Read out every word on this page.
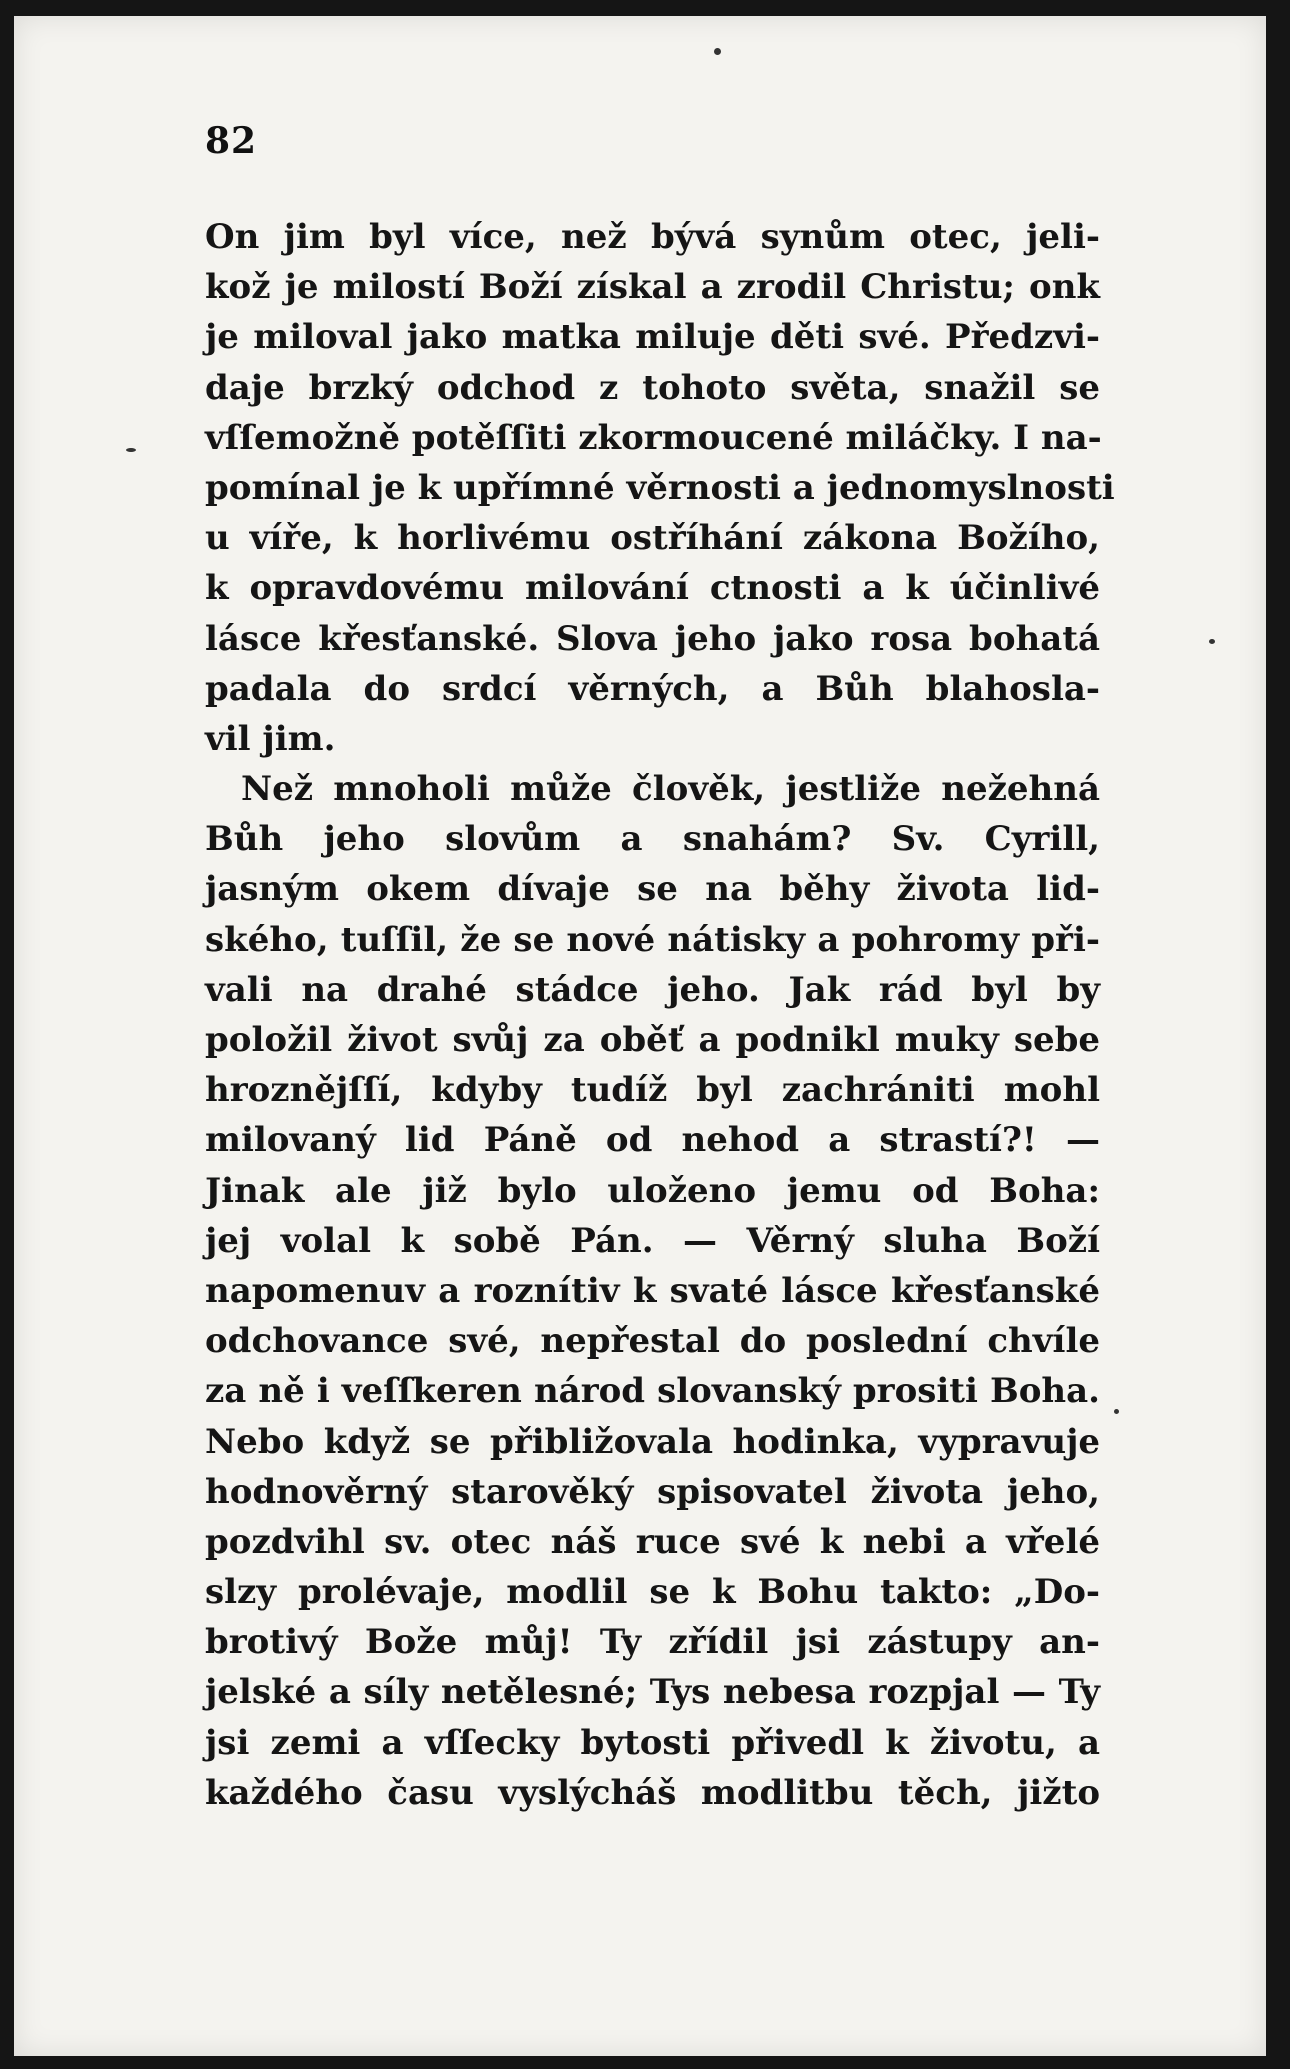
82
On jim byl více, než bývá synům otec, jeli-
kož je milostí Boží získal a zrodil Christu; onk
je miloval jako matka miluje děti své. Předzvi-
daje brzký odchod z tohoto světa, snažil se
vſſemožně potěſſiti zkormoucené miláčky. I na-
pomínal je k upřímné věrnosti a jednomyslnosti
u víře, k horlivému ostříhání zákona Božího,
k opravdovému milování ctnosti a k účinlivé
lásce křesťanské. Slova jeho jako rosa bohatá
padala do srdcí věrných, a Bůh blahosla-
vil jim.
Než mnoholi může člověk, jestliže nežehná
Bůh jeho slovům a snahám? Sv. Cyrill,
jasným okem dívaje se na běhy života lid-
ského, tuſſil, že se nové nátisky a pohromy při-
vali na drahé stádce jeho. Jak rád byl by
položil život svůj za oběť a podnikl muky sebe
hroznějſſí, kdyby tudíž byl zachrániti mohl
milovaný lid Páně od nehod a strastí?! —
Jinak ale již bylo uloženo jemu od Boha:
jej volal k sobě Pán. — Věrný sluha Boží
napomenuv a roznítiv k svaté lásce křesťanské
odchovance své, nepřestal do poslední chvíle
za ně i veſſkeren národ slovanský prositi Boha.
Nebo když se přibližovala hodinka, vypravuje
hodnověrný starověký spisovatel života jeho,
pozdvihl sv. otec náš ruce své k nebi a vřelé
slzy prolévaje, modlil se k Bohu takto: „Do-
brotivý Bože můj! Ty zřídil jsi zástupy an-
jelské a síly netělesné; Tys nebesa rozpjal — Ty
jsi zemi a vſſecky bytosti přivedl k životu, a
každého času vyslýcháš modlitbu těch, jižto
